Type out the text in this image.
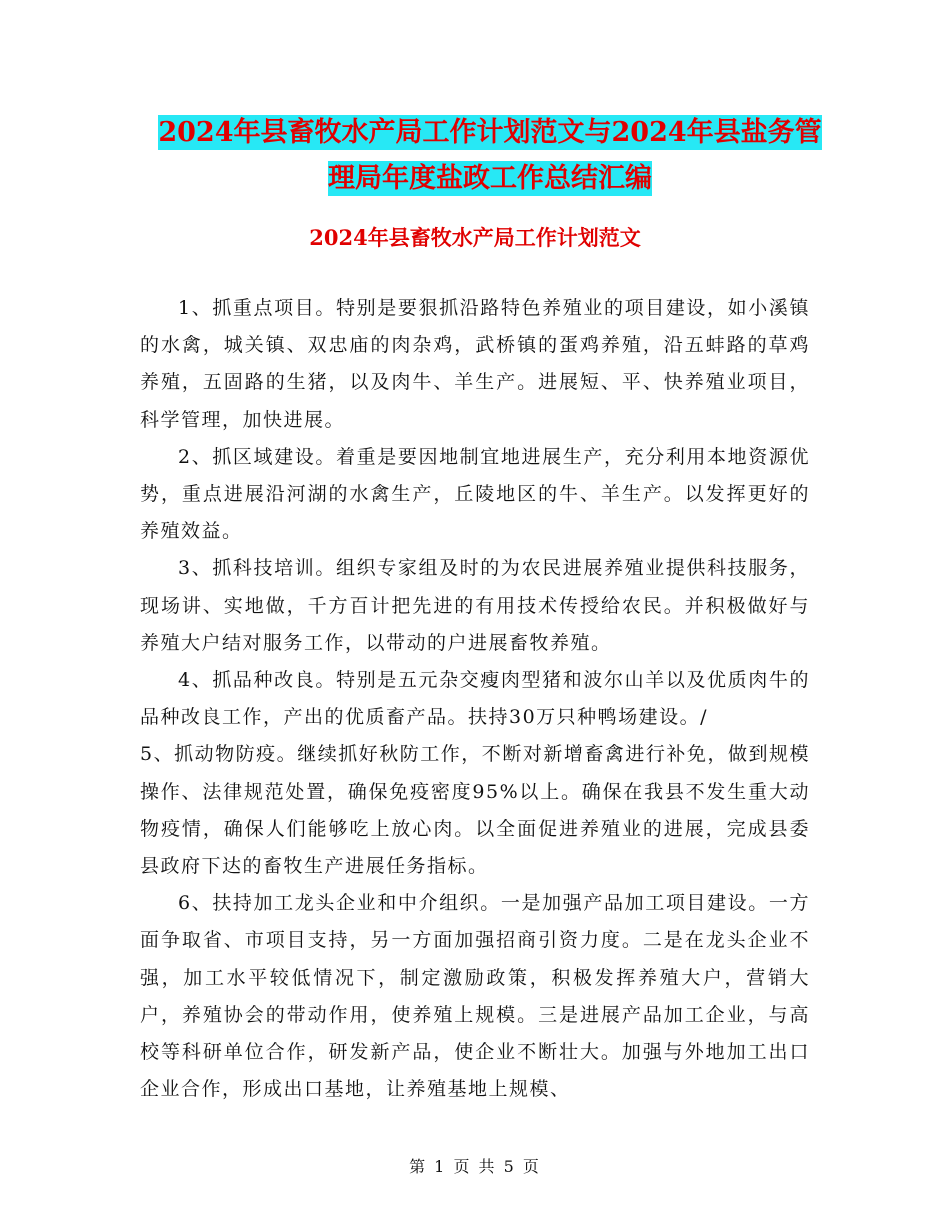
2024年县畜牧水产局工作计划范文与2024年县盐务管
理局年度盐政工作总结汇编
2024年县畜牧水产局工作计划范文

1、抓重点项目。特别是要狠抓沿路特色养殖业的项目建设，如小溪镇的水禽，城关镇、双忠庙的肉杂鸡，武桥镇的蛋鸡养殖，沿五蚌路的草鸡养殖，五固路的生猪，以及肉牛、羊生产。进展短、平、快养殖业项目，科学管理，加快进展。

2、抓区域建设。着重是要因地制宜地进展生产，充分利用本地资源优势，重点进展沿河湖的水禽生产，丘陵地区的牛、羊生产。以发挥更好的养殖效益。

3、抓科技培训。组织专家组及时的为农民进展养殖业提供科技服务，现场讲、实地做，千方百计把先进的有用技术传授给农民。并积极做好与养殖大户结对服务工作，以带动的户进展畜牧养殖。

4、抓品种改良。特别是五元杂交瘦肉型猪和波尔山羊以及优质肉牛的品种改良工作，产出的优质畜产品。扶持30万只种鸭场建设。/

5、抓动物防疫。继续抓好秋防工作，不断对新增畜禽进行补免，做到规模操作、法律规范处置，确保免疫密度95%以上。确保在我县不发生重大动物疫情，确保人们能够吃上放心肉。以全面促进养殖业的进展，完成县委县政府下达的畜牧生产进展任务指标。

6、扶持加工龙头企业和中介组织。一是加强产品加工项目建设。一方面争取省、市项目支持，另一方面加强招商引资力度。二是在龙头企业不强，加工水平较低情况下，制定激励政策，积极发挥养殖大户，营销大户，养殖协会的带动作用，使养殖上规模。三是进展产品加工企业，与高校等科研单位合作，研发新产品，使企业不断壮大。加强与外地加工出口企业合作，形成出口基地，让养殖基地上规模、

第 1 页 共 5 页
